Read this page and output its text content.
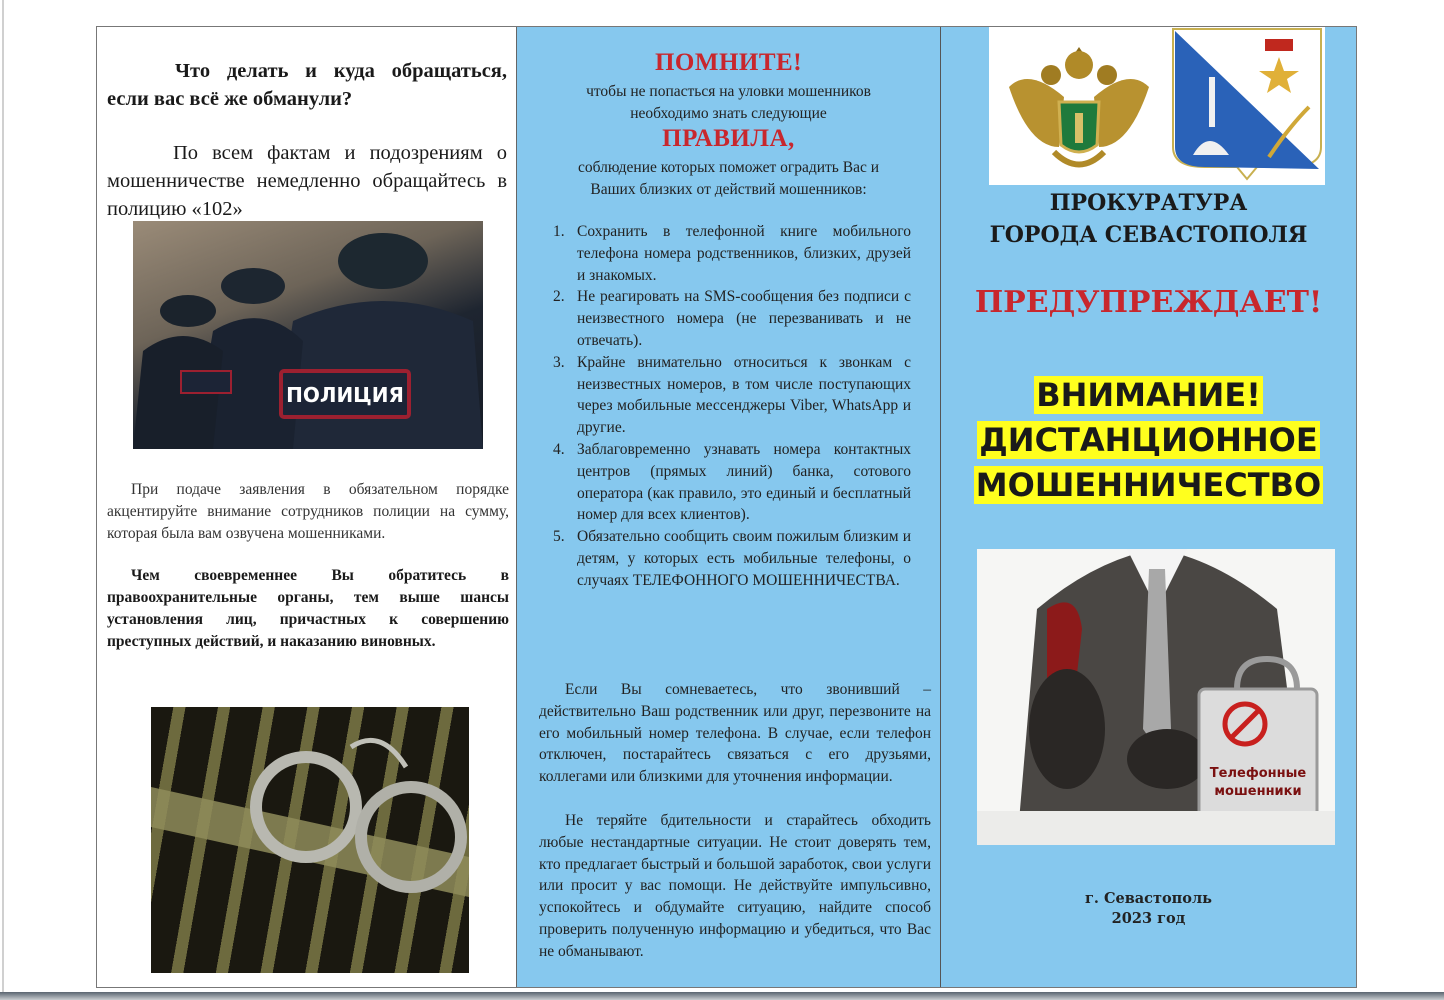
Что делать и куда обращаться, если вас всё же обманули?
По всем фактам и подозрениям о мошенничестве немедленно обращайтесь в полицию «102»
ПОЛИЦИЯ
При подаче заявления в обязательном порядке акцентируйте внимание сотрудников полиции на сумму, которая была вам озвучена мошенниками.
Чем своевременнее Вы обратитесь в правоохранительные органы, тем выше шансы установления лиц, причастных к совершению преступных действий, и наказанию виновных.
ПОМНИТЕ!
чтобы не попасться на уловки мошенников
необходимо знать следующие
ПРАВИЛА,
соблюдение которых поможет оградить Вас и
Ваших близких от действий мошенников:
1. Сохранить в телефонной книге мобильного телефона номера родственников, близких, друзей и знакомых.
2. Не реагировать на SMS-сообщения без подписи с неизвестного номера (не перезванивать и не отвечать).
3. Крайне внимательно относиться к звонкам с неизвестных номеров, в том числе поступающих через мобильные мессенджеры Viber, WhatsApp и другие.
4. Заблаговременно узнавать номера контактных центров (прямых линий) банка, сотового оператора (как правило, это единый и бесплатный номер для всех клиентов).
5. Обязательно сообщить своим пожилым близким и детям, у которых есть мобильные телефоны, о случаях ТЕЛЕФОННОГО МОШЕННИЧЕСТВА.
Если Вы сомневаетесь, что звонивший – действительно Ваш родственник или друг, перезвоните на его мобильный номер телефона. В случае, если телефон отключен, постарайтесь связаться с его друзьями, коллегами или близкими для уточнения информации.
Не теряйте бдительности и старайтесь обходить любые нестандартные ситуации. Не стоит доверять тем, кто предлагает быстрый и большой заработок, свои услуги или просит у вас помощи. Не действуйте импульсивно, успокойтесь и обдумайте ситуацию, найдите способ проверить полученную информацию и убедиться, что Вас не обманывают.
ПРОКУРАТУРА
ГОРОДА СЕВАСТОПОЛЯ
ПРЕДУПРЕЖДАЕТ!
ВНИМАНИЕ!
ДИСТАНЦИОННОЕ
МОШЕННИЧЕСТВО
Телефонные
мошенники
г. Севастополь
2023 год
